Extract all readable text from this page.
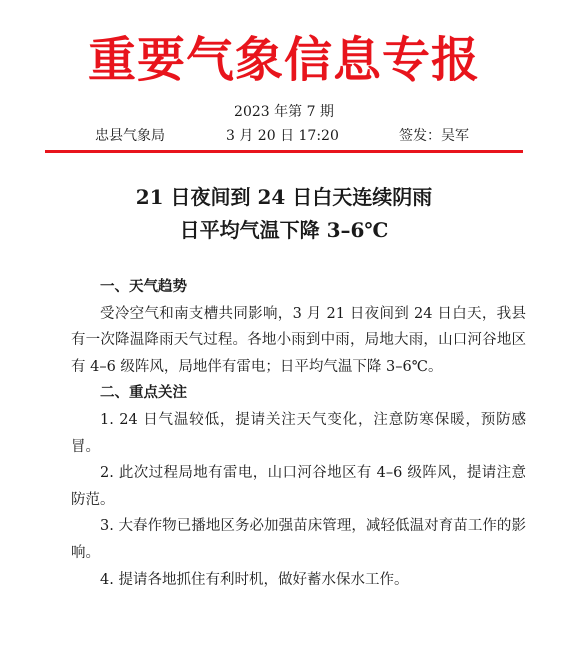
重要气象信息专报
2023 年第 7 期
忠县气象局	3 月 20 日 17:20	签发：吴军
21 日夜间到 24 日白天连续阴雨
日平均气温下降 3–6℃
一、天气趋势

受冷空气和南支槽共同影响，3 月 21 日夜间到 24 日白天，我县有一次降温降雨天气过程。各地小雨到中雨，局地大雨，山口河谷地区有 4–6 级阵风，局地伴有雷电；日平均气温下降 3–6℃。

二、重点关注

1. 24 日气温较低，提请关注天气变化，注意防寒保暖，预防感冒。

2. 此次过程局地有雷电，山口河谷地区有 4–6 级阵风，提请注意防范。

3. 大春作物已播地区务必加强苗床管理，减轻低温对育苗工作的影响。

4. 提请各地抓住有利时机，做好蓄水保水工作。
